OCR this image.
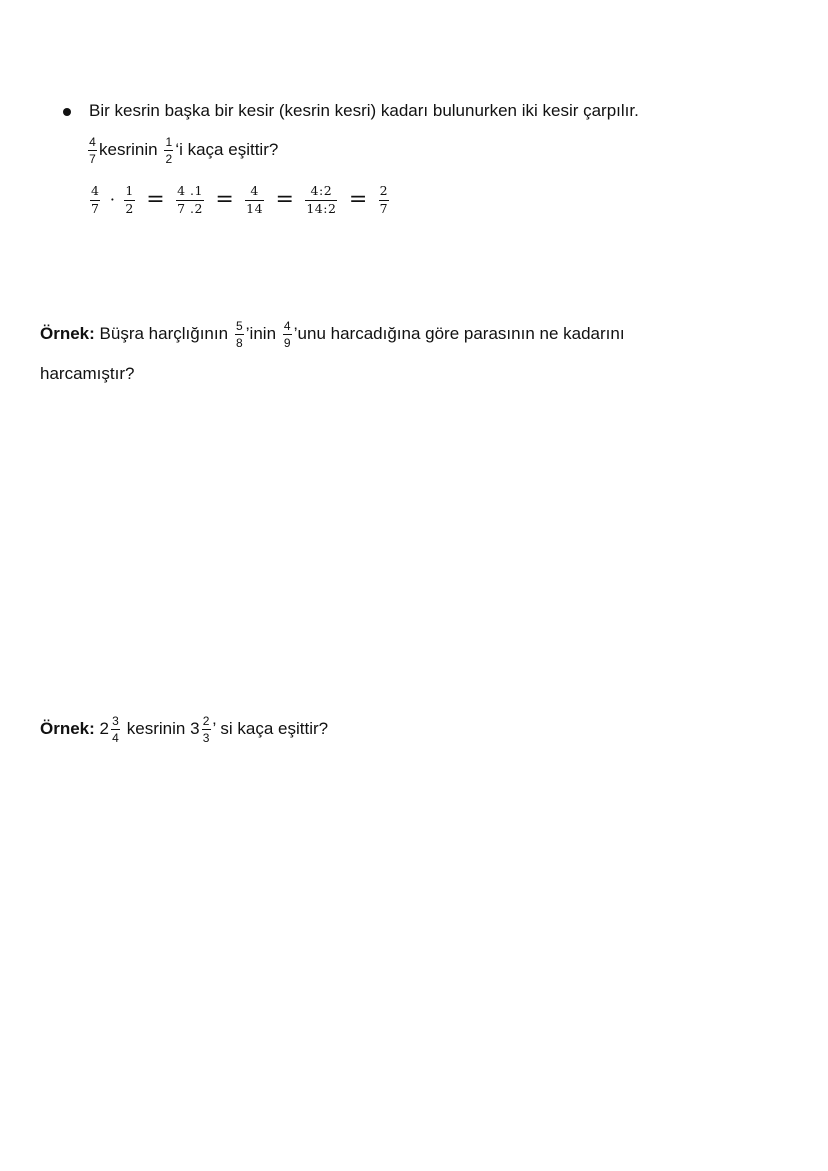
Bir kesrin başka bir kesir (kesrin kesri) kadarı bulunurken iki kesir çarpılır.
$\frac{4}{7}$ kesrinin $\frac{1}{2}$ ‘i kaça eşittir?
$\frac{4}{7} \cdot \frac{1}{2} = \frac{4 .1}{7 .2} = \frac{4}{14} = \frac{4:2}{14:2} = \frac{2}{7}$
Örnek: Büşra harçlığının $\frac{5}{8}$ ’inin $\frac{4}{9}$ ’unu harcadığına göre parasının ne kadarını
harcamıştır?
Örnek: $2 \frac{3}{4}$ kesrinin $3 \frac{2}{3}$ ’ si kaça eşittir?
